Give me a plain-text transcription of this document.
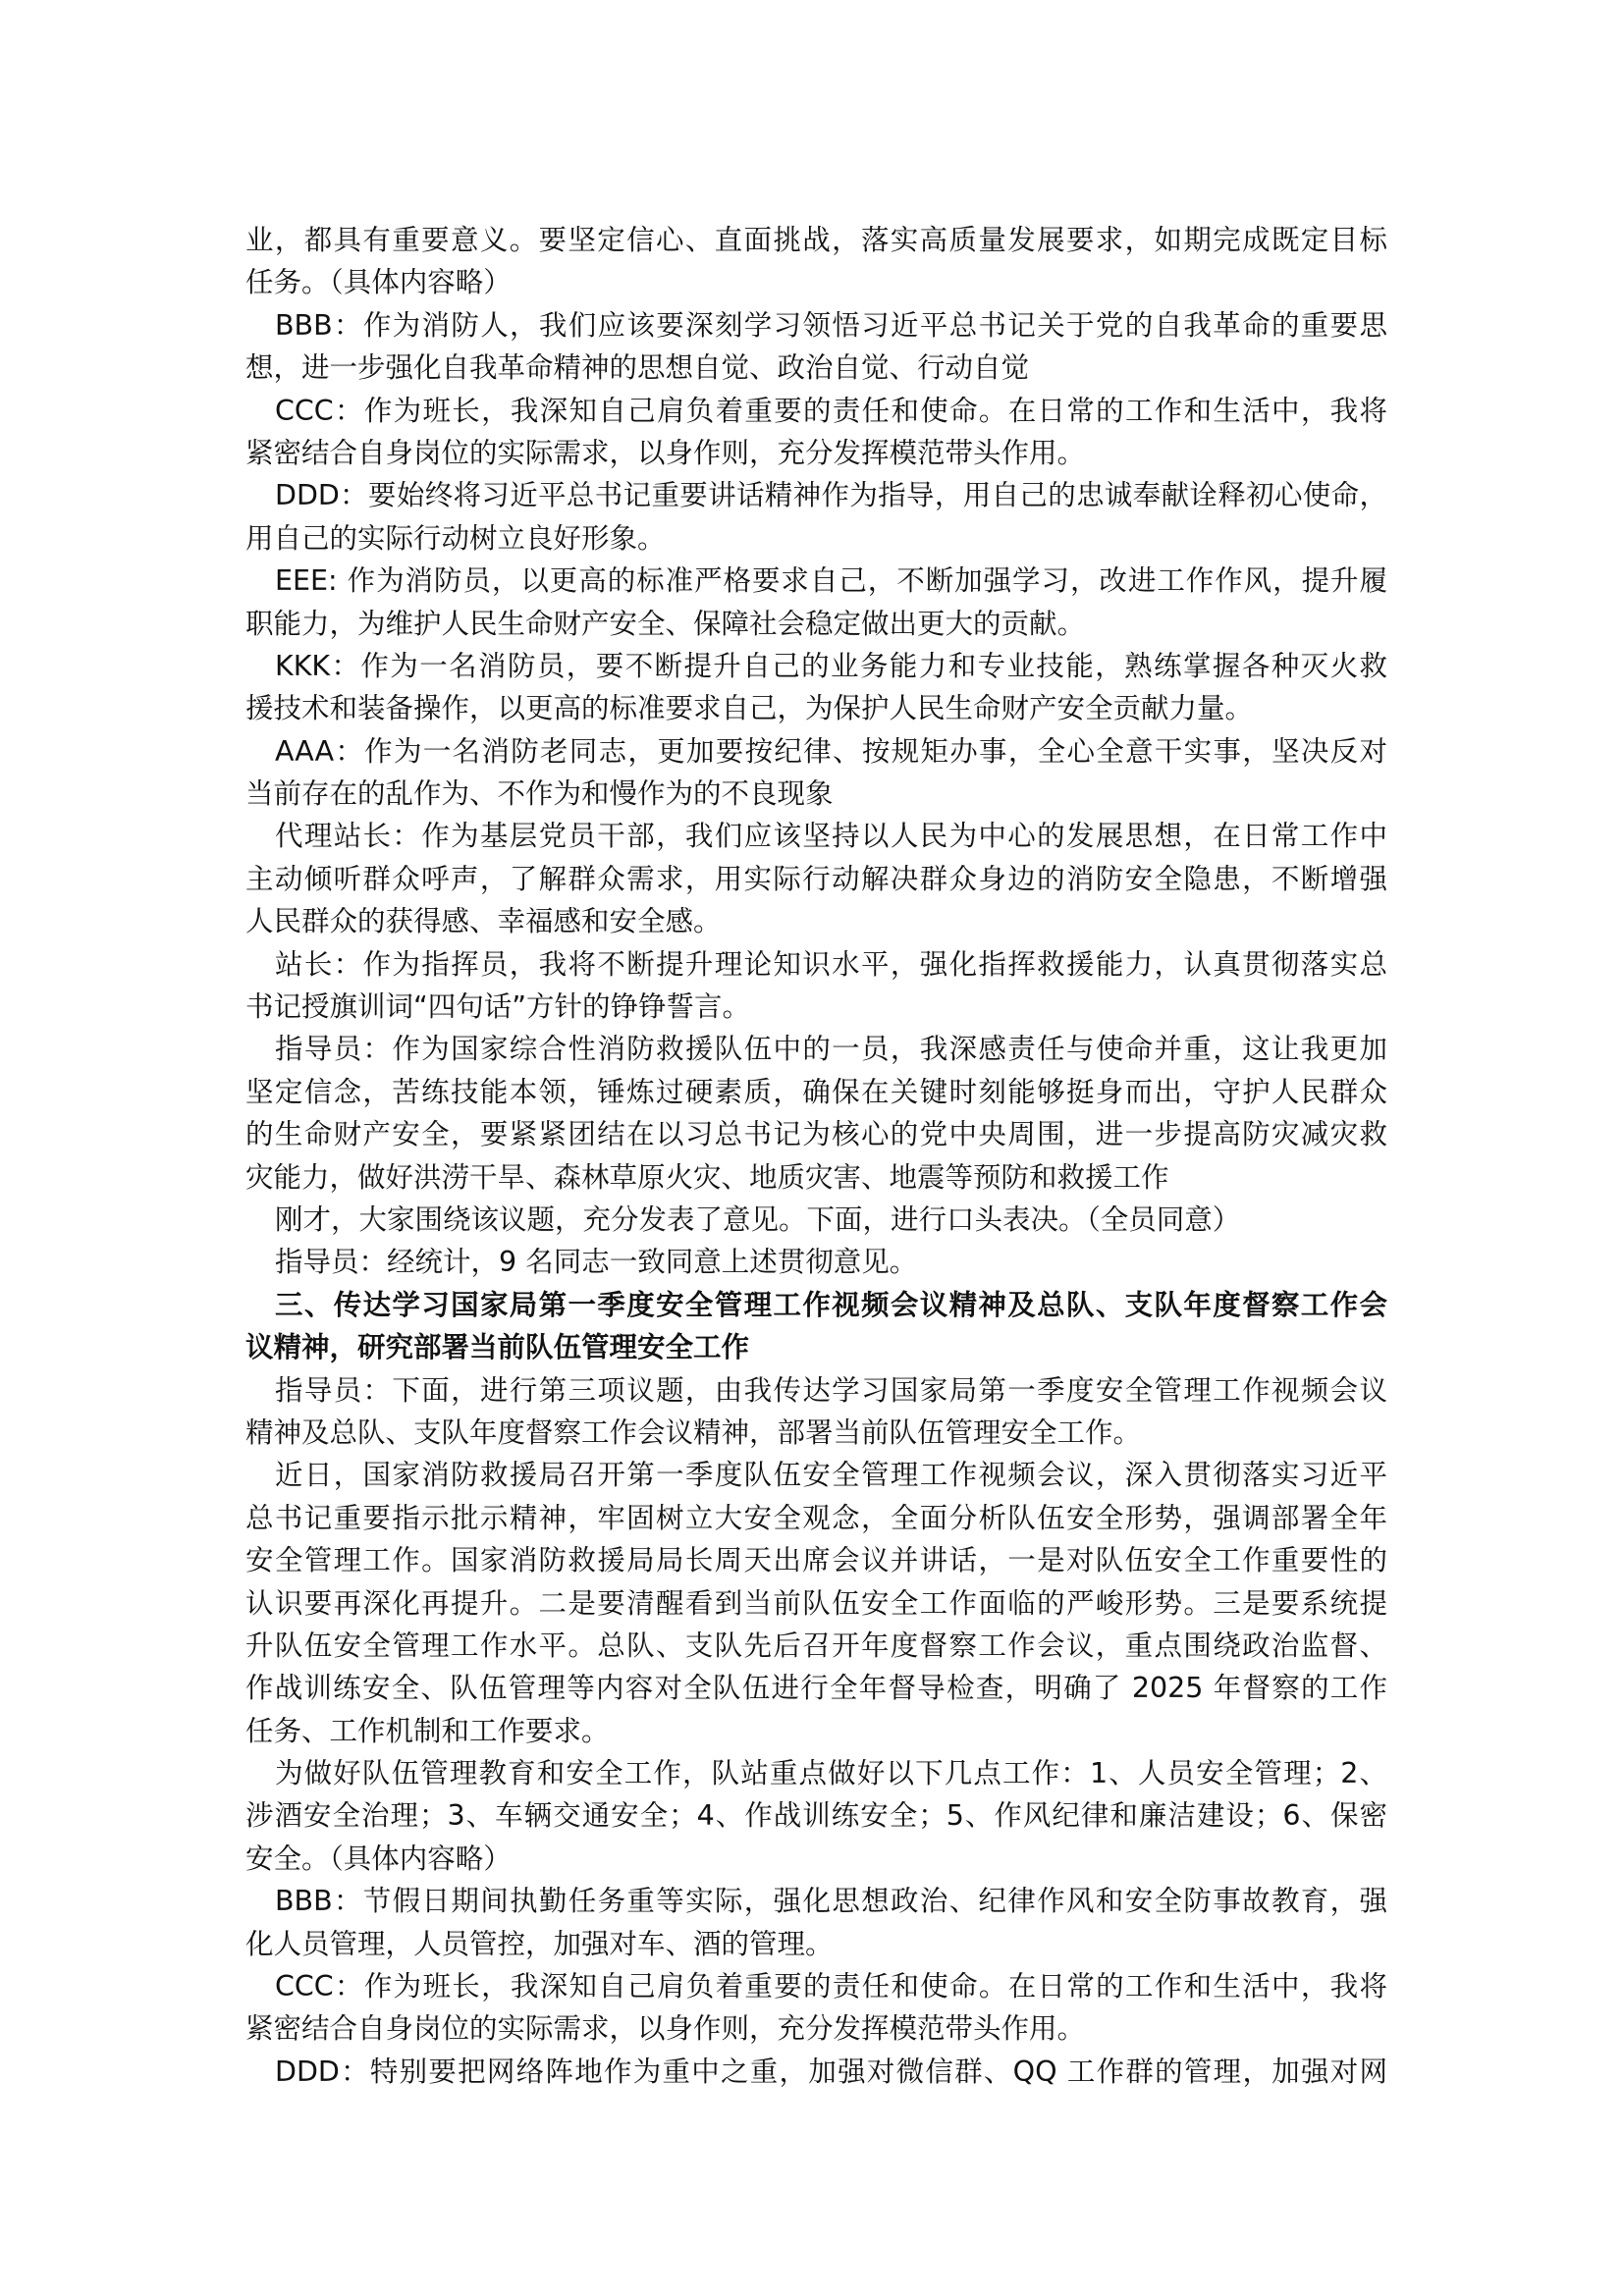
业，都具有重要意义。要坚定信心、直面挑战，落实高质量发展要求，如期完成既定目标
任务。（具体内容略）
BBB：作为消防人，我们应该要深刻学习领悟习近平总书记关于党的自我革命的重要思
想，进一步强化自我革命精神的思想自觉、政治自觉、行动自觉
CCC：作为班长，我深知自己肩负着重要的责任和使命。在日常的工作和生活中，我将
紧密结合自身岗位的实际需求，以身作则，充分发挥模范带头作用。
DDD：要始终将习近平总书记重要讲话精神作为指导，用自己的忠诚奉献诠释初心使命，
用自己的实际行动树立良好形象。
EEE: 作为消防员，以更高的标准严格要求自己，不断加强学习，改进工作作风，提升履
职能力，为维护人民生命财产安全、保障社会稳定做出更大的贡献。
KKK：作为一名消防员，要不断提升自己的业务能力和专业技能，熟练掌握各种灭火救
援技术和装备操作，以更高的标准要求自己，为保护人民生命财产安全贡献力量。
AAA：作为一名消防老同志，更加要按纪律、按规矩办事，全心全意干实事，坚决反对
当前存在的乱作为、不作为和慢作为的不良现象
代理站长：作为基层党员干部，我们应该坚持以人民为中心的发展思想，在日常工作中
主动倾听群众呼声，了解群众需求，用实际行动解决群众身边的消防安全隐患，不断增强
人民群众的获得感、幸福感和安全感。
站长：作为指挥员，我将不断提升理论知识水平，强化指挥救援能力，认真贯彻落实总
书记授旗训词“四句话”方针的铮铮誓言。
指导员：作为国家综合性消防救援队伍中的一员，我深感责任与使命并重，这让我更加
坚定信念，苦练技能本领，锤炼过硬素质，确保在关键时刻能够挺身而出，守护人民群众
的生命财产安全，要紧紧团结在以习总书记为核心的党中央周围，进一步提高防灾减灾救
灾能力，做好洪涝干旱、森林草原火灾、地质灾害、地震等预防和救援工作
刚才，大家围绕该议题，充分发表了意见。下面，进行口头表决。（全员同意）
指导员：经统计，9 名同志一致同意上述贯彻意见。
三、传达学习国家局第一季度安全管理工作视频会议精神及总队、支队年度督察工作会
议精神，研究部署当前队伍管理安全工作
指导员：下面，进行第三项议题，由我传达学习国家局第一季度安全管理工作视频会议
精神及总队、支队年度督察工作会议精神，部署当前队伍管理安全工作。
近日，国家消防救援局召开第一季度队伍安全管理工作视频会议，深入贯彻落实习近平
总书记重要指示批示精神，牢固树立大安全观念，全面分析队伍安全形势，强调部署全年
安全管理工作。国家消防救援局局长周天出席会议并讲话，一是对队伍安全工作重要性的
认识要再深化再提升。二是要清醒看到当前队伍安全工作面临的严峻形势。三是要系统提
升队伍安全管理工作水平。总队、支队先后召开年度督察工作会议，重点围绕政治监督、
作战训练安全、队伍管理等内容对全队伍进行全年督导检查，明确了 2025 年督察的工作
任务、工作机制和工作要求。
为做好队伍管理教育和安全工作，队站重点做好以下几点工作：1、人员安全管理；2、
涉酒安全治理；3、车辆交通安全；4、作战训练安全；5、作风纪律和廉洁建设；6、保密
安全。（具体内容略）
BBB：节假日期间执勤任务重等实际，强化思想政治、纪律作风和安全防事故教育，强
化人员管理，人员管控，加强对车、酒的管理。
CCC：作为班长，我深知自己肩负着重要的责任和使命。在日常的工作和生活中，我将
紧密结合自身岗位的实际需求，以身作则，充分发挥模范带头作用。
DDD：特别要把网络阵地作为重中之重，加强对微信群、QQ 工作群的管理，加强对网
